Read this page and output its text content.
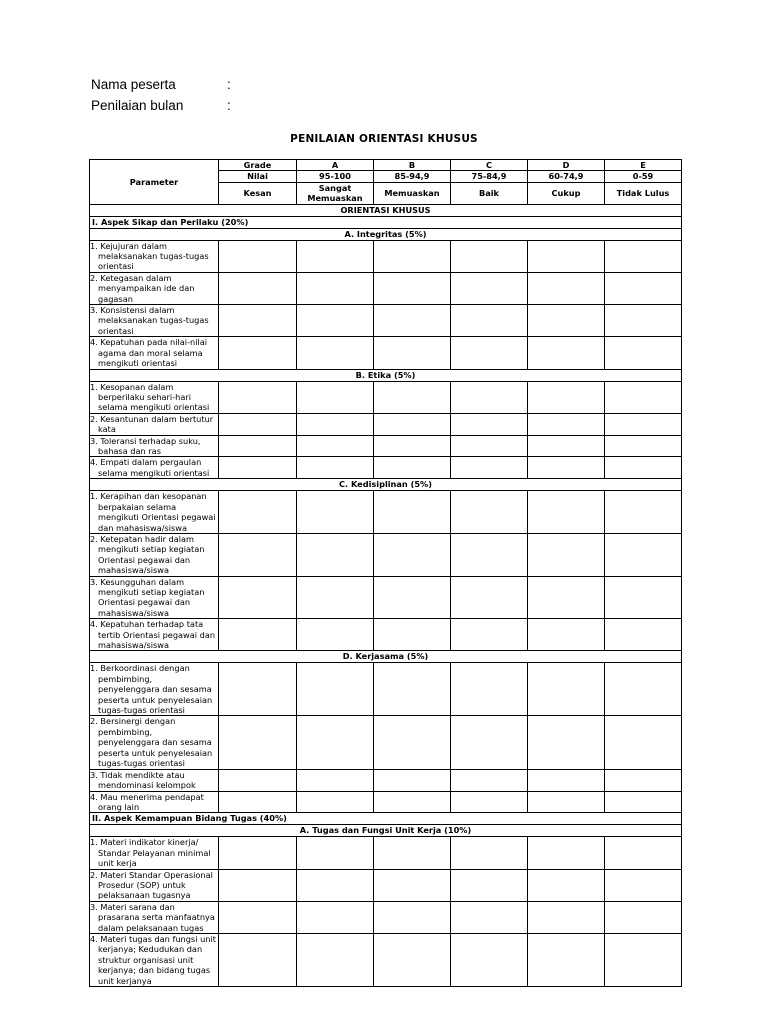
Nama peserta	:
Penilaian bulan	:
PENILAIAN ORIENTASI KHUSUS
Parameter	Grade	A	B	C	D	E
	Nilai	95-100	85-94,9	75-84,9	60-74,9	0-59
	Kesan	Sangat Memuaskan	Memuaskan	Baik	Cukup	Tidak Lulus
ORIENTASI KHUSUS						
I. Aspek Sikap dan Perilaku (20%)						
A. Integritas (5%)						
1. Kejujuran dalam melaksanakan tugas-tugas orientasi						
2. Ketegasan dalam menyampaikan ide dan gagasan						
3. Konsistensi dalam melaksanakan tugas-tugas orientasi						
4. Kepatuhan pada nilai-nilai agama dan moral selama mengikuti orientasi						
B. Etika (5%)						
1. Kesopanan dalam berperilaku sehari-hari selama mengikuti orientasi						
2. Kesantunan dalam bertutur kata						
3. Toleransi terhadap suku, bahasa dan ras						
4. Empati dalam pergaulan selama mengikuti orientasi						
C. Kedisiplinan (5%)						
1. Kerapihan dan kesopanan berpakaian selama mengikuti Orientasi pegawai dan mahasiswa/siswa						
2. Ketepatan hadir dalam mengikuti setiap kegiatan Orientasi pegawai dan mahasiswa/siswa						
3. Kesungguhan dalam mengikuti setiap kegiatan Orientasi pegawai dan mahasiswa/siswa						
4. Kepatuhan terhadap tata tertib Orientasi pegawai dan mahasiswa/siswa						
D. Kerjasama (5%)						
1. Berkoordinasi dengan pembimbing, penyelenggara dan sesama peserta untuk penyelesaian tugas-tugas orientasi						
2. Bersinergi dengan pembimbing, penyelenggara dan sesama peserta untuk penyelesaian tugas-tugas orientasi						
3. Tidak mendikte atau mendominasi kelompok						
4. Mau menerima pendapat orang lain						
II. Aspek Kemampuan Bidang Tugas (40%)						
A. Tugas dan Fungsi Unit Kerja (10%)						
1. Materi indikator kinerja/ Standar Pelayanan minimal unit kerja						
2. Materi Standar Operasional Prosedur (SOP) untuk pelaksanaan tugasnya						
3. Materi sarana dan prasarana serta manfaatnya dalam pelaksanaan tugas						
4. Materi tugas dan fungsi unit kerjanya; Kedudukan dan struktur organisasi unit kerjanya; dan bidang tugas unit kerjanya						
